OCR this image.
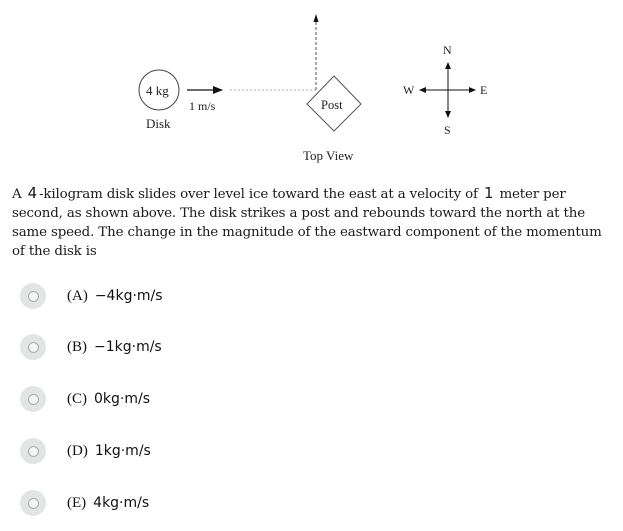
4 kg
1 m/s
Disk
Post
Top View
N
S
E
W
A 4 -kilogram disk slides over level ice toward the east at a velocity of 1 meter per second, as shown above. The disk strikes a post and rebounds toward the north at the same speed. The change in the magnitude of the eastward component of the momentum of the disk is
(A) −4kg·m/s
(B) −1kg·m/s
(C) 0kg·m/s
(D) 1kg·m/s
(E) 4kg·m/s
